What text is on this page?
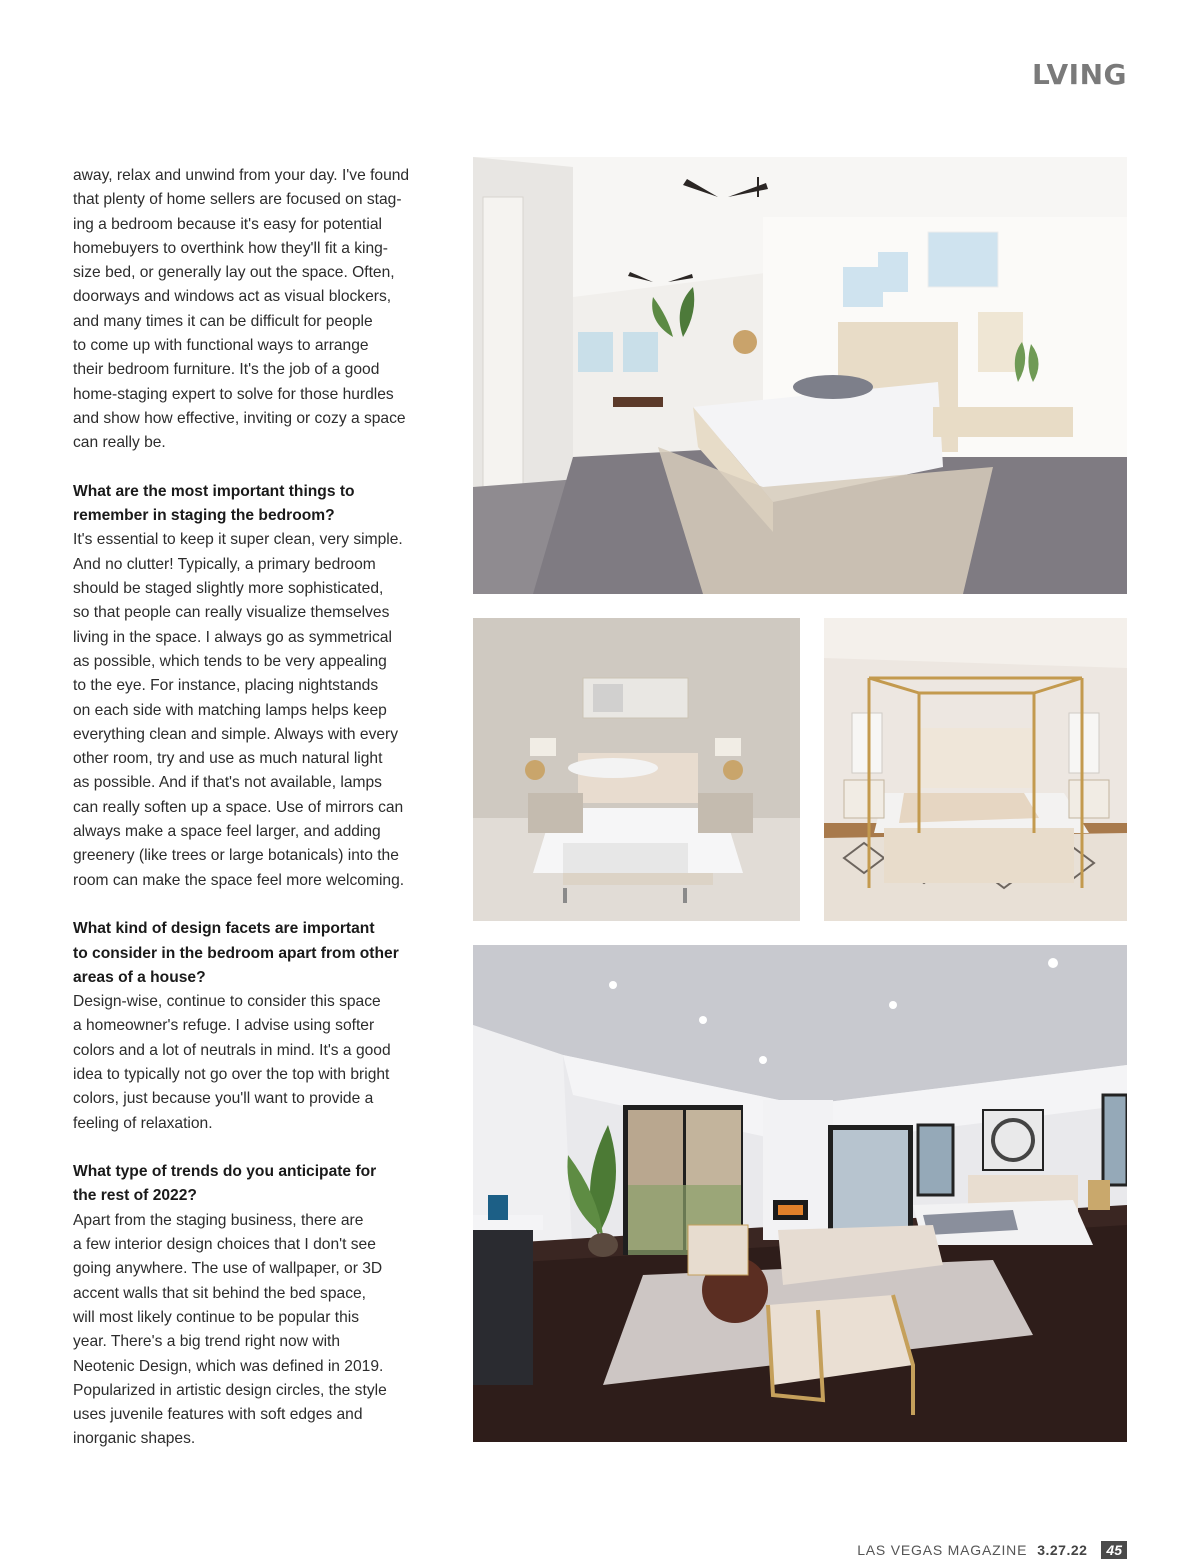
LVING

away, relax and unwind from your day. I've found
that plenty of home sellers are focused on stag-
ing a bedroom because it's easy for potential
homebuyers to overthink how they'll fit a king-
size bed, or generally lay out the space. Often,
doorways and windows act as visual blockers,
and many times it can be difficult for people
to come up with functional ways to arrange
their bedroom furniture. It's the job of a good
home-staging expert to solve for those hurdles
and show how effective, inviting or cozy a space
can really be.

What are the most important things to
remember in staging the bedroom?

It's essential to keep it super clean, very simple.
And no clutter! Typically, a primary bedroom
should be staged slightly more sophisticated,
so that people can really visualize themselves
living in the space. I always go as symmetrical
as possible, which tends to be very appealing
to the eye. For instance, placing nightstands
on each side with matching lamps helps keep
everything clean and simple. Always with every
other room, try and use as much natural light
as possible. And if that's not available, lamps
can really soften up a space. Use of mirrors can
always make a space feel larger, and adding
greenery (like trees or large botanicals) into the
room can make the space feel more welcoming.

What kind of design facets are important
to consider in the bedroom apart from other
areas of a house?

Design-wise, continue to consider this space
a homeowner's refuge. I advise using softer
colors and a lot of neutrals in mind. It's a good
idea to typically not go over the top with bright
colors, just because you'll want to provide a
feeling of relaxation.

What type of trends do you anticipate for
the rest of 2022?

Apart from the staging business, there are
a few interior design choices that I don't see
going anywhere. The use of wallpaper, or 3D
accent walls that sit behind the bed space,
will most likely continue to be popular this
year. There's a big trend right now with
Neotenic Design, which was defined in 2019.
Popularized in artistic design circles, the style
uses juvenile features with soft edges and
inorganic shapes.

LAS VEGAS MAGAZINE 3.27.22	45
